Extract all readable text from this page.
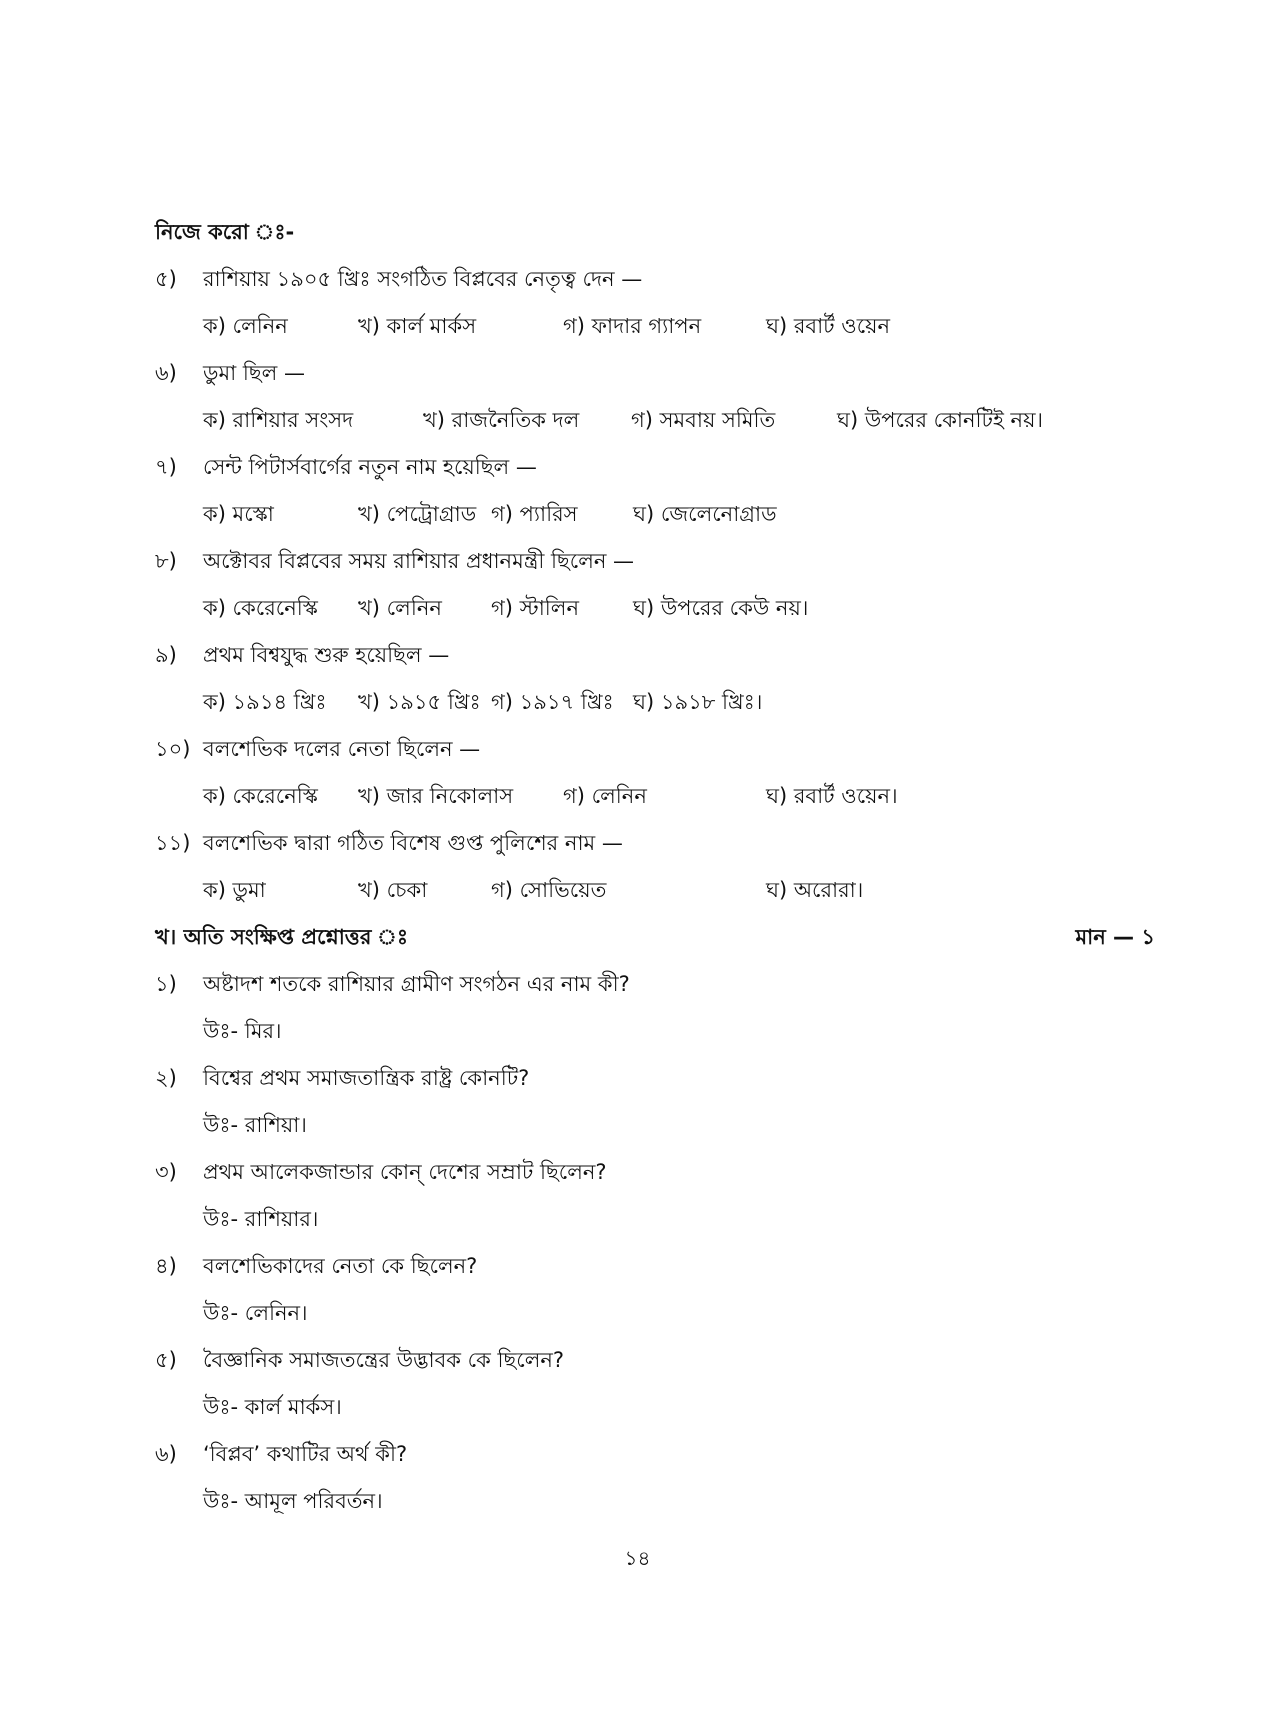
নিজে করো ঃ-
৫) রাশিয়ায় ১৯০৫ খ্রিঃ সংগঠিত বিপ্লবের নেতৃত্ব দেন —
ক) লেনিন	খ) কার্ল মার্কস	গ) ফাদার গ্যাপন	ঘ) রবার্ট ওয়েন
৬) ডুমা ছিল —
ক) রাশিয়ার সংসদ	খ) রাজনৈতিক দল গ) সমবায় সমিতি	ঘ) উপরের কোনটিই নয়।
৭) সেন্ট পিটার্সবার্গের নতুন নাম হয়েছিল —
ক) মস্কো	খ) পেট্রোগ্রাড গ) প্যারিস	ঘ) জেলেনোগ্রাড
৮) অক্টোবর বিপ্লবের সময় রাশিয়ার প্রধানমন্ত্রী ছিলেন —
ক) কেরেনেস্কি খ) লেনিন গ) স্টালিন	ঘ) উপরের কেউ নয়।
৯) প্রথম বিশ্বযুদ্ধ শুরু হয়েছিল —
ক) ১৯১৪ খ্রিঃ খ) ১৯১৫ খ্রিঃ গ) ১৯১৭ খ্রিঃ ঘ) ১৯১৮ খ্রিঃ।
১০) বলশেভিক দলের নেতা ছিলেন —
ক) কেরেনেস্কি খ) জার নিকোলাস গ) লেনিন	ঘ) রবার্ট ওয়েন।
১১) বলশেভিক দ্বারা গঠিত বিশেষ গুপ্ত পুলিশের নাম —
ক) ডুমা	খ) চেকা	গ) সোভিয়েত	ঘ) অরোরা।
খ। অতি সংক্ষিপ্ত প্রশ্নোত্তর ঃ	মান — ১
১) অষ্টাদশ শতকে রাশিয়ার গ্রামীণ সংগঠন এর নাম কী?
উঃ- মির।
২) বিশ্বের প্রথম সমাজতান্ত্রিক রাষ্ট্র কোনটি?
উঃ- রাশিয়া।
৩) প্রথম আলেকজান্ডার কোন্ দেশের সম্রাট ছিলেন?
উঃ- রাশিয়ার।
৪) বলশেভিকাদের নেতা কে ছিলেন?
উঃ- লেনিন।
৫) বৈজ্ঞানিক সমাজতন্ত্রের উদ্ভাবক কে ছিলেন?
উঃ- কার্ল মার্কস।
৬) ‘বিপ্লব’ কথাটির অর্থ কী?
উঃ- আমূল পরিবর্তন।
১৪
